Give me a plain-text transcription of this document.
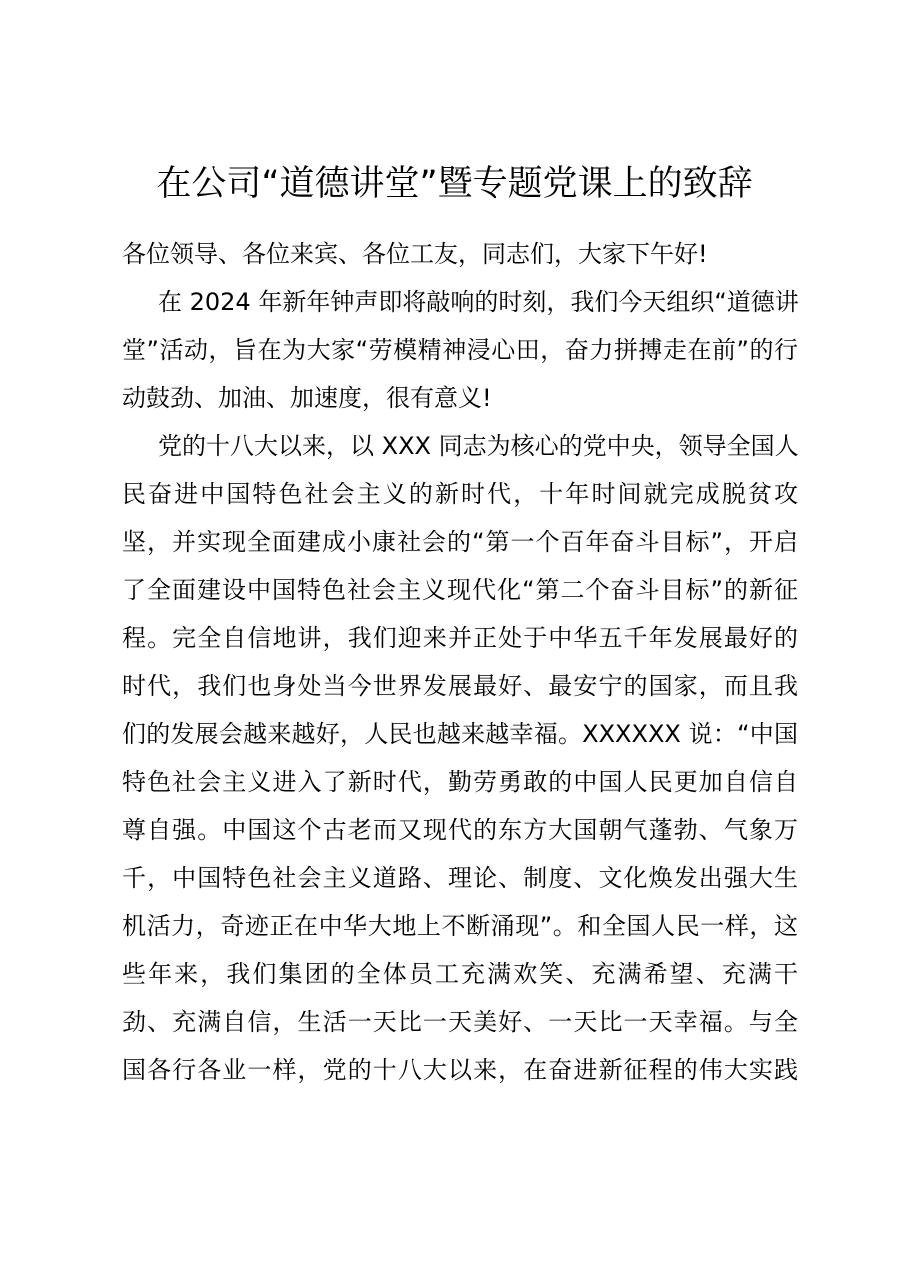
在公司“道德讲堂”暨专题党课上的致辞
各位领导、各位来宾、各位工友，同志们，大家下午好!
在 2024 年新年钟声即将敲响的时刻，我们今天组织“道德讲
堂”活动，旨在为大家“劳模精神浸心田，奋力拼搏走在前”的行
动鼓劲、加油、加速度，很有意义!
党的十八大以来，以 XXX 同志为核心的党中央，领导全国人
民奋进中国特色社会主义的新时代，十年时间就完成脱贫攻
坚，并实现全面建成小康社会的“第一个百年奋斗目标”，开启
了全面建设中国特色社会主义现代化“第二个奋斗目标”的新征
程。完全自信地讲，我们迎来并正处于中华五千年发展最好的
时代，我们也身处当今世界发展最好、最安宁的国家，而且我
们的发展会越来越好，人民也越来越幸福。XXXXXX 说：“中国
特色社会主义进入了新时代，勤劳勇敢的中国人民更加自信自
尊自强。中国这个古老而又现代的东方大国朝气蓬勃、气象万
千，中国特色社会主义道路、理论、制度、文化焕发出强大生
机活力，奇迹正在中华大地上不断涌现”。和全国人民一样，这
些年来，我们集团的全体员工充满欢笑、充满希望、充满干
劲、充满自信，生活一天比一天美好、一天比一天幸福。与全
国各行各业一样，党的十八大以来，在奋进新征程的伟大实践
